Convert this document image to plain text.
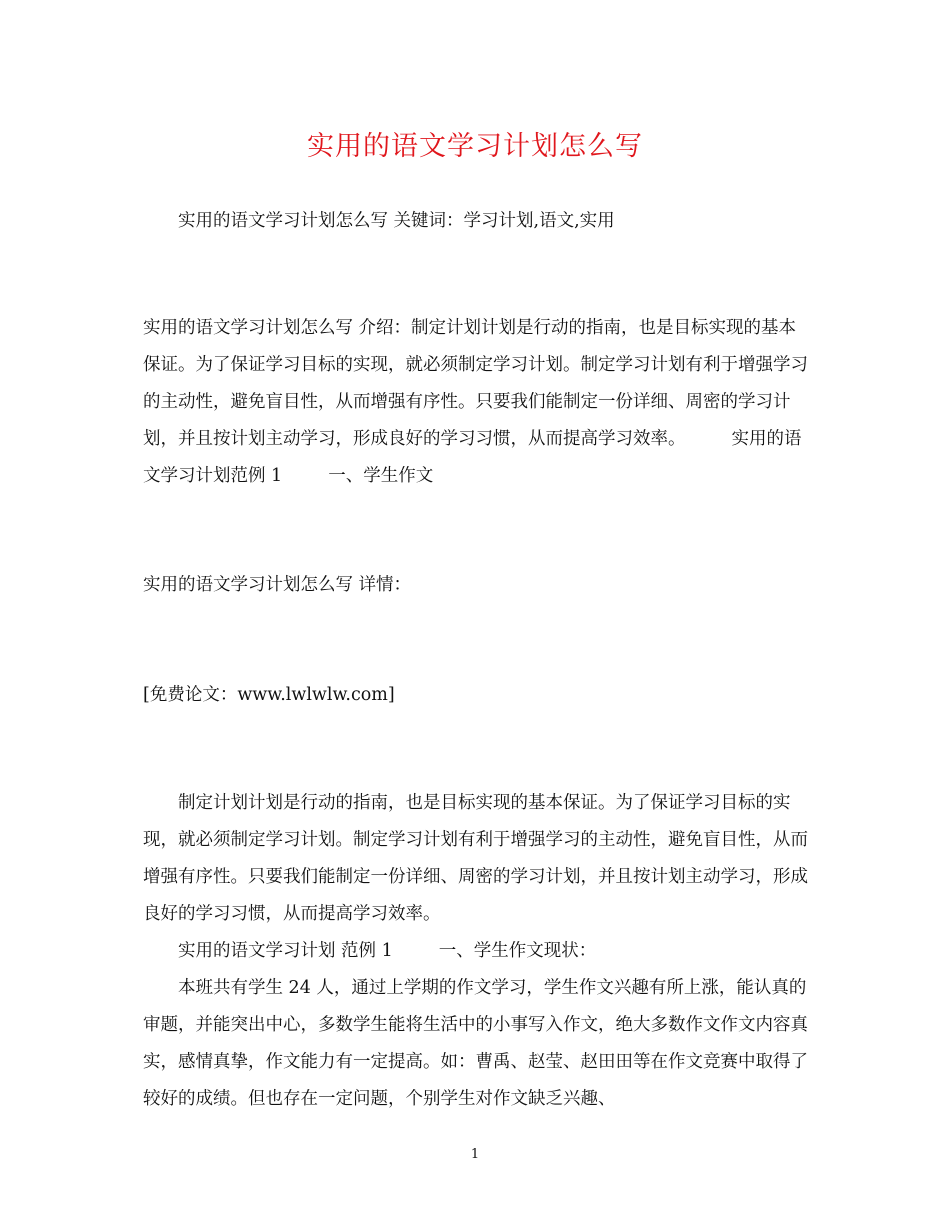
实用的语文学习计划怎么写

实用的语文学习计划怎么写 关键词：学习计划,语文,实用

实用的语文学习计划怎么写 介绍：制定计划计划是行动的指南，也是目标实现的基本保证。为了保证学习目标的实现，就必须制定学习计划。制定学习计划有利于增强学习的主动性，避免盲目性，从而增强有序性。只要我们能制定一份详细、周密的学习计划，并且按计划主动学习，形成良好的学习习惯，从而提高学习效率。	实用的语文学习计划范例 1	一、学生作文

实用的语文学习计划怎么写 详情：

[免费论文：www.lwlwlw.com]

制定计划计划是行动的指南，也是目标实现的基本保证。为了保证学习目标的实现，就必须制定学习计划。制定学习计划有利于增强学习的主动性，避免盲目性，从而增强有序性。只要我们能制定一份详细、周密的学习计划，并且按计划主动学习，形成良好的学习习惯，从而提高学习效率。

实用的语文学习计划 范例 1	一、学生作文现状：

本班共有学生 24 人，通过上学期的作文学习，学生作文兴趣有所上涨，能认真的审题，并能突出中心，多数学生能将生活中的小事写入作文，绝大多数作文作文内容真实，感情真挚，作文能力有一定提高。如：曹禹、赵莹、赵田田等在作文竞赛中取得了较好的成绩。但也存在一定问题，个别学生对作文缺乏兴趣、

1
